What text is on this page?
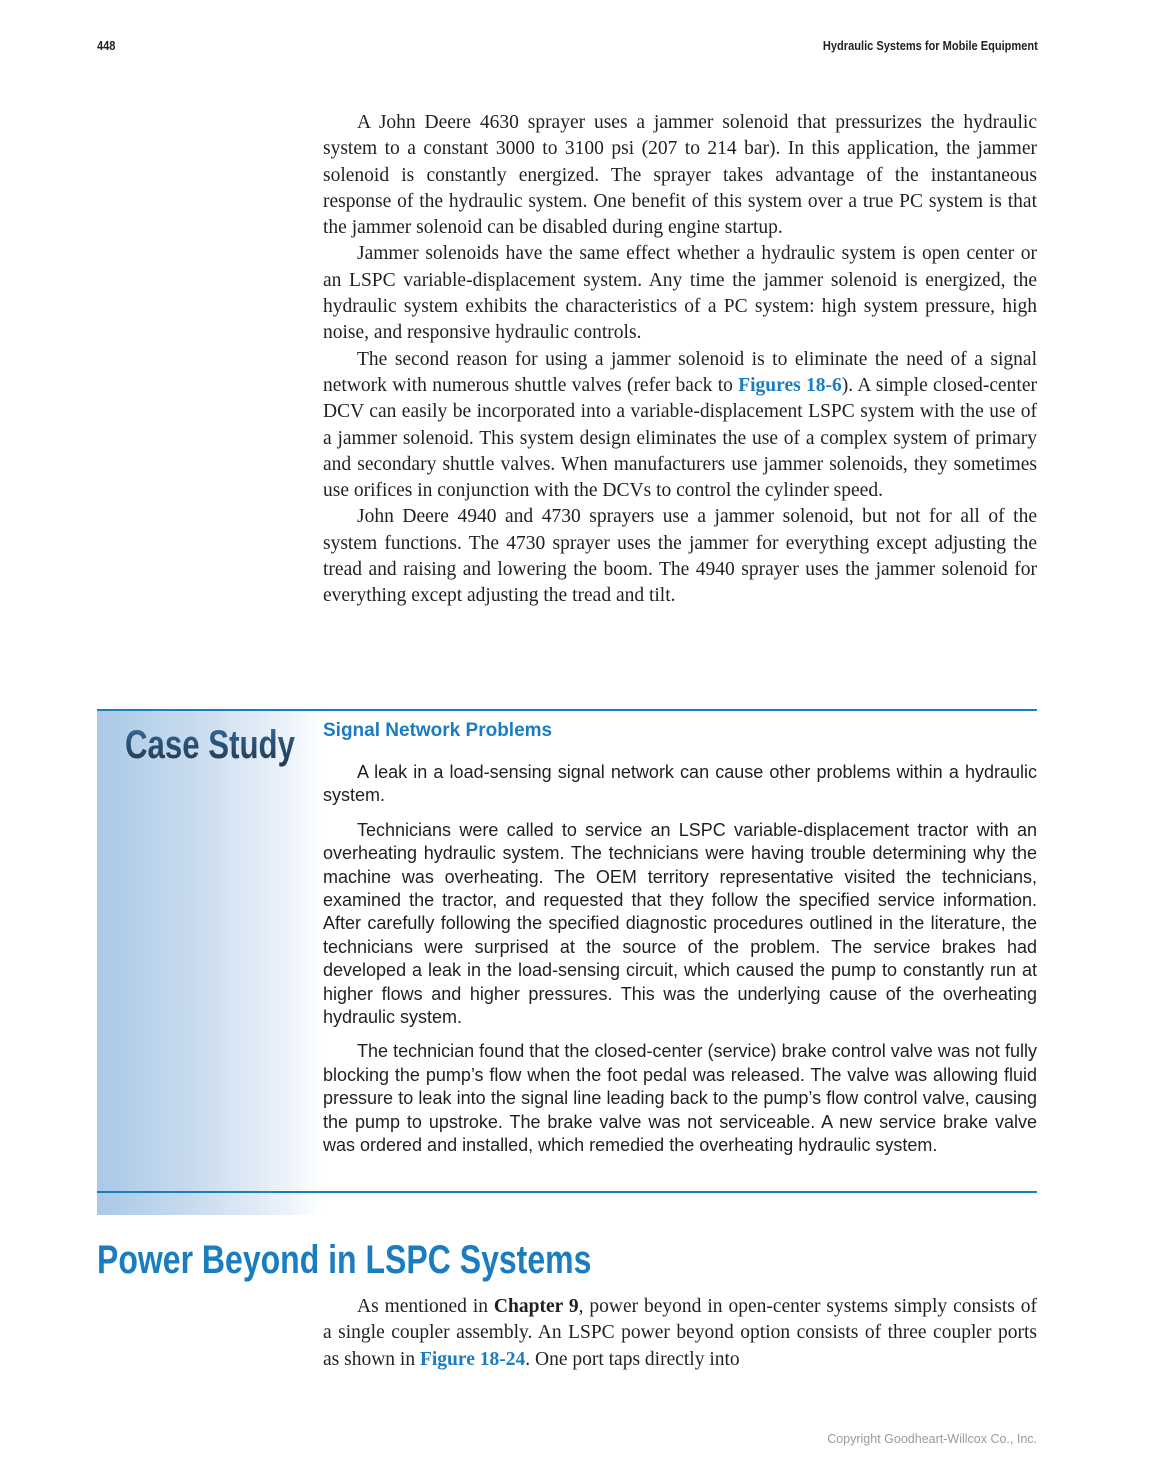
448	Hydraulic Systems for Mobile Equipment

A John Deere 4630 sprayer uses a jammer solenoid that pressurizes the hydraulic system to a constant 3000 to 3100 psi (207 to 214 bar). In this application, the jammer solenoid is constantly energized. The sprayer takes advantage of the instantaneous response of the hydraulic system. One benefit of this system over a true PC system is that the jammer solenoid can be disabled during engine startup.

Jammer solenoids have the same effect whether a hydraulic system is open center or an LSPC variable-displacement system. Any time the jammer solenoid is energized, the hydraulic system exhibits the characteristics of a PC system: high system pressure, high noise, and responsive hydraulic controls.

The second reason for using a jammer solenoid is to eliminate the need of a signal network with numerous shuttle valves (refer back to Figures 18-6). A simple closed-center DCV can easily be incorporated into a variable-displacement LSPC system with the use of a jammer solenoid. This system design eliminates the use of a complex system of primary and secondary shuttle valves. When manufacturers use jammer solenoids, they sometimes use orifices in conjunction with the DCVs to control the cylinder speed.

John Deere 4940 and 4730 sprayers use a jammer solenoid, but not for all of the system functions. The 4730 sprayer uses the jammer for everything except adjusting the tread and raising and lowering the boom. The 4940 sprayer uses the jammer solenoid for everything except adjusting the tread and tilt.

Case Study Signal Network Problems

A leak in a load-sensing signal network can cause other problems within a hydraulic system.

Technicians were called to service an LSPC variable-displacement tractor with an overheating hydraulic system. The technicians were having trouble determining why the machine was overheating. The OEM territory representative visited the technicians, examined the tractor, and requested that they follow the specified service information. After carefully following the specified diagnostic procedures outlined in the literature, the technicians were surprised at the source of the problem. The service brakes had developed a leak in the load-sensing circuit, which caused the pump to constantly run at higher flows and higher pressures. This was the underlying cause of the overheating hydraulic system.

The technician found that the closed-center (service) brake control valve was not fully blocking the pump’s flow when the foot pedal was released. The valve was allowing fluid pressure to leak into the signal line leading back to the pump’s flow control valve, causing the pump to upstroke. The brake valve was not serviceable. A new service brake valve was ordered and installed, which remedied the overheating hydraulic system.

Power Beyond in LSPC Systems

As mentioned in Chapter 9, power beyond in open-center systems simply consists of a single coupler assembly. An LSPC power beyond option consists of three coupler ports as shown in Figure 18-24. One port taps directly into

Copyright Goodheart-Willcox Co., Inc.
